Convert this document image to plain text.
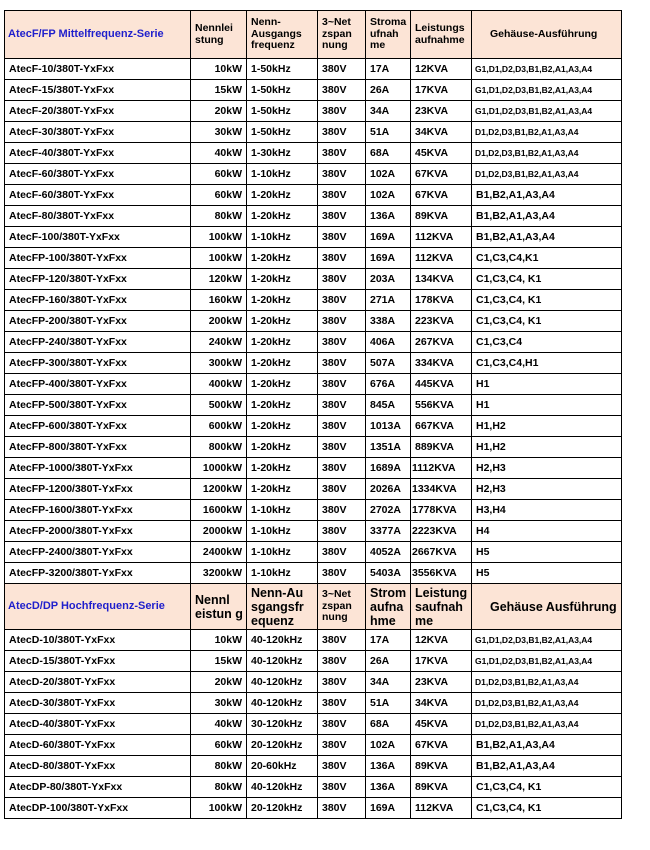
AtecF/FP Mittelfrequenz-Serie	Nennlei stung	Nenn-Ausgangs frequenz	3~Net zspan nung	Stroma ufnah me	Leistungs aufnahme	Gehäuse-Ausführung
AtecF-10/380T-YxFxx	10kW	1-50kHz	380V	17A	12KVA	G1,D1,D2,D3,B1,B2,A1,A3,A4
AtecF-15/380T-YxFxx	15kW	1-50kHz	380V	26A	17KVA	G1,D1,D2,D3,B1,B2,A1,A3,A4
AtecF-20/380T-YxFxx	20kW	1-50kHz	380V	34A	23KVA	G1,D1,D2,D3,B1,B2,A1,A3,A4
AtecF-30/380T-YxFxx	30kW	1-50kHz	380V	51A	34KVA	D1,D2,D3,B1,B2,A1,A3,A4
AtecF-40/380T-YxFxx	40kW	1-30kHz	380V	68A	45KVA	D1,D2,D3,B1,B2,A1,A3,A4
AtecF-60/380T-YxFxx	60kW	1-10kHz	380V	102A	67KVA	D1,D2,D3,B1,B2,A1,A3,A4
AtecF-60/380T-YxFxx	60kW	1-20kHz	380V	102A	67KVA	B1,B2,A1,A3,A4
AtecF-80/380T-YxFxx	80kW	1-20kHz	380V	136A	89KVA	B1,B2,A1,A3,A4
AtecF-100/380T-YxFxx	100kW	1-10kHz	380V	169A	112KVA	B1,B2,A1,A3,A4
AtecFP-100/380T-YxFxx	100kW	1-20kHz	380V	169A	112KVA	C1,C3,C4,K1
AtecFP-120/380T-YxFxx	120kW	1-20kHz	380V	203A	134KVA	C1,C3,C4, K1
AtecFP-160/380T-YxFxx	160kW	1-20kHz	380V	271A	178KVA	C1,C3,C4, K1
AtecFP-200/380T-YxFxx	200kW	1-20kHz	380V	338A	223KVA	C1,C3,C4, K1
AtecFP-240/380T-YxFxx	240kW	1-20kHz	380V	406A	267KVA	C1,C3,C4
AtecFP-300/380T-YxFxx	300kW	1-20kHz	380V	507A	334KVA	C1,C3,C4,H1
AtecFP-400/380T-YxFxx	400kW	1-20kHz	380V	676A	445KVA	H1
AtecFP-500/380T-YxFxx	500kW	1-20kHz	380V	845A	556KVA	H1
AtecFP-600/380T-YxFxx	600kW	1-20kHz	380V	1013A	667KVA	H1,H2
AtecFP-800/380T-YxFxx	800kW	1-20kHz	380V	1351A	889KVA	H1,H2
AtecFP-1000/380T-YxFxx	1000kW	1-20kHz	380V	1689A	1112KVA	H2,H3
AtecFP-1200/380T-YxFxx	1200kW	1-20kHz	380V	2026A	1334KVA	H2,H3
AtecFP-1600/380T-YxFxx	1600kW	1-10kHz	380V	2702A	1778KVA	H3,H4
AtecFP-2000/380T-YxFxx	2000kW	1-10kHz	380V	3377A	2223KVA	H4
AtecFP-2400/380T-YxFxx	2400kW	1-10kHz	380V	4052A	2667KVA	H5
AtecFP-3200/380T-YxFxx	3200kW	1-10kHz	380V	5403A	3556KVA	H5
AtecD/DP Hochfrequenz-Serie	Nennl eistun g	Nenn-Au sgangsfr equenz	3~Net zspan nung	Strom aufna hme	Leistung saufnah me	Gehäuse Ausführung
AtecD-10/380T-YxFxx	10kW	40-120kHz	380V	17A	12KVA	G1,D1,D2,D3,B1,B2,A1,A3,A4
AtecD-15/380T-YxFxx	15kW	40-120kHz	380V	26A	17KVA	G1,D1,D2,D3,B1,B2,A1,A3,A4
AtecD-20/380T-YxFxx	20kW	40-120kHz	380V	34A	23KVA	D1,D2,D3,B1,B2,A1,A3,A4
AtecD-30/380T-YxFxx	30kW	40-120kHz	380V	51A	34KVA	D1,D2,D3,B1,B2,A1,A3,A4
AtecD-40/380T-YxFxx	40kW	30-120kHz	380V	68A	45KVA	D1,D2,D3,B1,B2,A1,A3,A4
AtecD-60/380T-YxFxx	60kW	20-120kHz	380V	102A	67KVA	B1,B2,A1,A3,A4
AtecD-80/380T-YxFxx	80kW	20-60kHz	380V	136A	89KVA	B1,B2,A1,A3,A4
AtecDP-80/380T-YxFxx	80kW	40-120kHz	380V	136A	89KVA	C1,C3,C4, K1
AtecDP-100/380T-YxFxx	100kW	20-120kHz	380V	169A	112KVA	C1,C3,C4, K1
